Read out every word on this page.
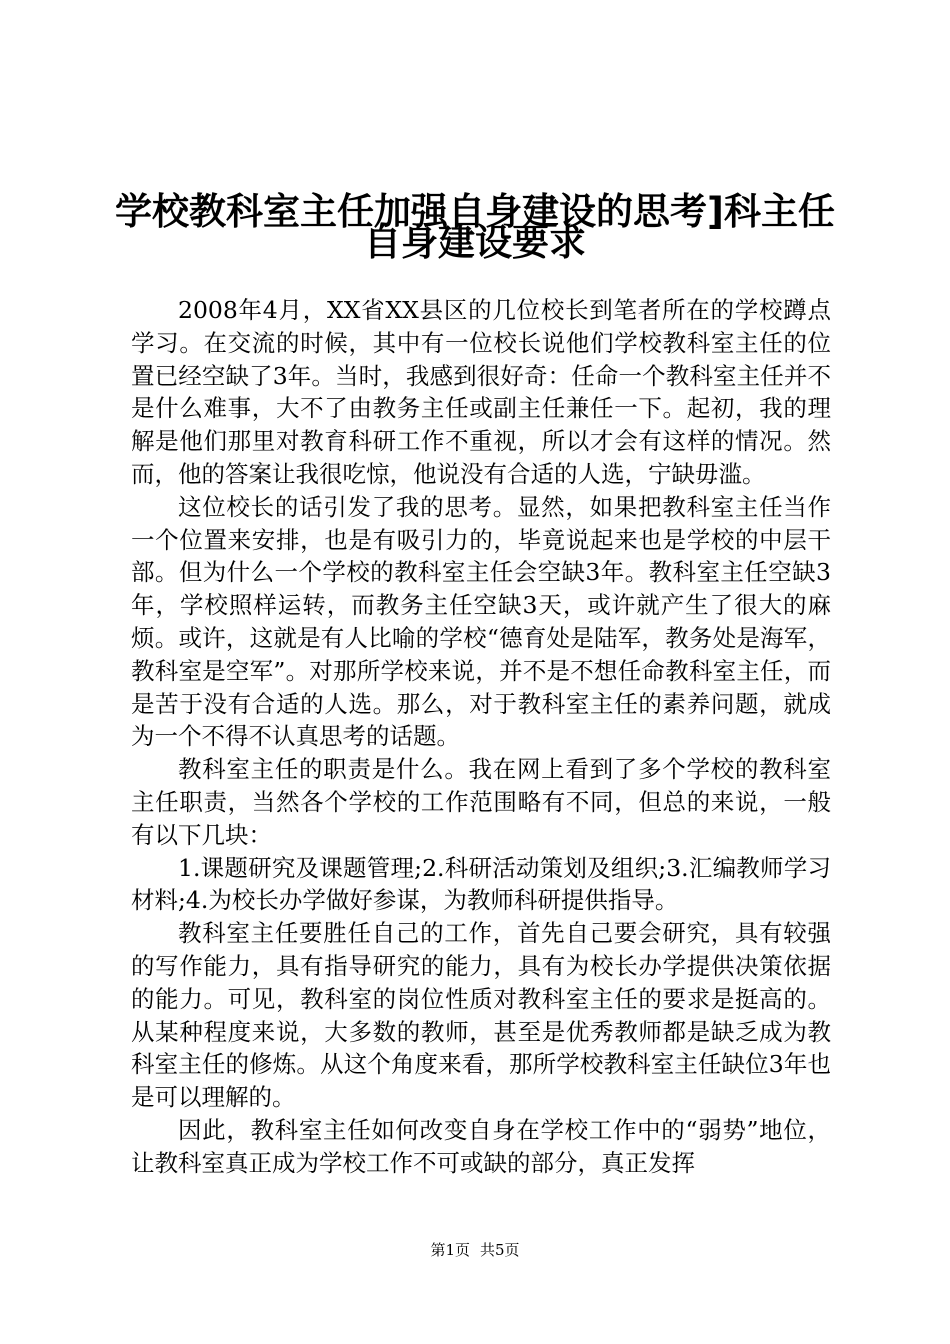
学校教科室主任加强自身建设的思考]科主任
自身建设要求

2008年4月，XX省XX县区的几位校长到笔者所在的学校蹲点学习。在交流的时候，其中有一位校长说他们学校教科室主任的位置已经空缺了3年。当时，我感到很好奇：任命一个教科室主任并不是什么难事，大不了由教务主任或副主任兼任一下。起初，我的理解是他们那里对教育科研工作不重视，所以才会有这样的情况。然而，他的答案让我很吃惊，他说没有合适的人选，宁缺毋滥。

这位校长的话引发了我的思考。显然，如果把教科室主任当作一个位置来安排，也是有吸引力的，毕竟说起来也是学校的中层干部。但为什么一个学校的教科室主任会空缺3年。教科室主任空缺3年，学校照样运转，而教务主任空缺3天，或许就产生了很大的麻烦。或许，这就是有人比喻的学校“德育处是陆军，教务处是海军，教科室是空军”。对那所学校来说，并不是不想任命教科室主任，而是苦于没有合适的人选。那么，对于教科室主任的素养问题，就成为一个不得不认真思考的话题。

教科室主任的职责是什么。我在网上看到了多个学校的教科室主任职责，当然各个学校的工作范围略有不同，但总的来说，一般有以下几块：

1.课题研究及课题管理;2.科研活动策划及组织;3.汇编教师学习材料;4.为校长办学做好参谋，为教师科研提供指导。

教科室主任要胜任自己的工作，首先自己要会研究，具有较强的写作能力，具有指导研究的能力，具有为校长办学提供决策依据的能力。可见，教科室的岗位性质对教科室主任的要求是挺高的。从某种程度来说，大多数的教师，甚至是优秀教师都是缺乏成为教科室主任的修炼。从这个角度来看，那所学校教科室主任缺位3年也是可以理解的。

因此，教科室主任如何改变自身在学校工作中的“弱势”地位，让教科室真正成为学校工作不可或缺的部分，真正发挥

第1页 共5页
